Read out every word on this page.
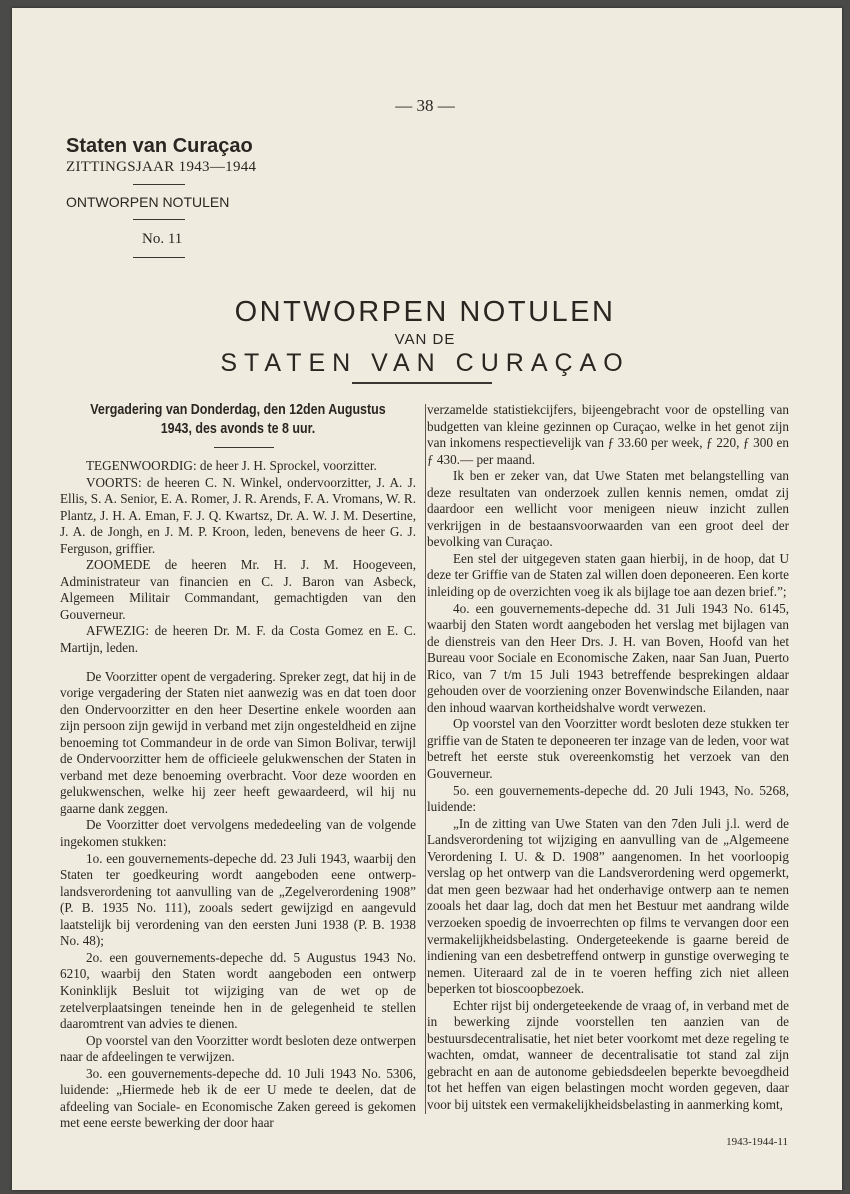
— 38 —
Staten van Curaçao
ZITTINGSJAAR 1943—1944
ONTWORPEN NOTULEN
No. 11
ONTWORPEN NOTULEN
VAN DE
STATEN VAN CURAÇAO
Vergadering van Donderdag, den 12den Augustus 1943, des avonds te 8 uur.

TEGENWOORDIG: de heer J. H. Sprockel, voorzitter.

VOORTS: de heeren C. N. Winkel, ondervoorzitter, J. A. J. Ellis, S. A. Senior, E. A. Romer, J. R. Arends, F. A. Vromans, W. R. Plantz, J. H. A. Eman, F. J. Q. Kwartsz, Dr. A. W. J. M. Desertine, J. A. de Jongh, en J. M. P. Kroon, leden, benevens de heer G. J. Ferguson, griffier.

ZOOMEDE de heeren Mr. H. J. M. Hoogeveen, Administrateur van financien en C. J. Baron van Asbeck, Algemeen Militair Commandant, gemachtigden van den Gouverneur.

AFWEZIG: de heeren Dr. M. F. da Costa Gomez en E. C. Martijn, leden.

De Voorzitter opent de vergadering. Spreker zegt, dat hij in de vorige vergadering der Staten niet aanwezig was en dat toen door den Ondervoorzitter en den heer Desertine enkele woorden aan zijn persoon zijn gewijd in verband met zijn ongesteldheid en zijne benoeming tot Commandeur in de orde van Simon Bolivar, terwijl de Ondervoorzitter hem de officieele gelukwenschen der Staten in verband met deze benoeming overbracht. Voor deze woorden en gelukwenschen, welke hij zeer heeft gewaardeerd, wil hij nu gaarne dank zeggen.

De Voorzitter doet vervolgens mededeeling van de volgende ingekomen stukken:

1o. een gouvernements-depeche dd. 23 Juli 1943, waarbij den Staten ter goedkeuring wordt aangeboden eene ontwerp-landsverordening tot aanvulling van de „Zegelverordening 1908” (P. B. 1935 No. 111), zooals sedert gewijzigd en aangevuld laatstelijk bij verordening van den eersten Juni 1938 (P. B. 1938 No. 48);

2o. een gouvernements-depeche dd. 5 Augustus 1943 No. 6210, waarbij den Staten wordt aangeboden een ontwerp Koninklijk Besluit tot wijziging van de wet op de zetelverplaatsingen teneinde hen in de gelegenheid te stellen daaromtrent van advies te dienen.

Op voorstel van den Voorzitter wordt besloten deze ontwerpen naar de afdeelingen te verwijzen.

3o. een gouvernements-depeche dd. 10 Juli 1943 No. 5306, luidende: „Hiermede heb ik de eer U mede te deelen, dat de afdeeling van Sociale- en Economische Zaken gereed is gekomen met eene eerste bewerking der door haar

verzamelde statistiekcijfers, bijeengebracht voor de opstelling van budgetten van kleine gezinnen op Curaçao, welke in het genot zijn van inkomens respectievelijk van ƒ 33.60 per week, ƒ 220, ƒ 300 en ƒ 430.— per maand.

Ik ben er zeker van, dat Uwe Staten met belangstelling van deze resultaten van onderzoek zullen kennis nemen, omdat zij daardoor een wellicht voor menigeen nieuw inzicht zullen verkrijgen in de bestaansvoorwaarden van een groot deel der bevolking van Curaçao.

Een stel der uitgegeven staten gaan hierbij, in de hoop, dat U deze ter Griffie van de Staten zal willen doen deponeeren. Een korte inleiding op de overzichten voeg ik als bijlage toe aan dezen brief.”;

4o. een gouvernements-depeche dd. 31 Juli 1943 No. 6145, waarbij den Staten wordt aangeboden het verslag met bijlagen van de dienstreis van den Heer Drs. J. H. van Boven, Hoofd van het Bureau voor Sociale en Economische Zaken, naar San Juan, Puerto Rico, van 7 t/m 15 Juli 1943 betreffende besprekingen aldaar gehouden over de voorziening onzer Bovenwindsche Eilanden, naar den inhoud waarvan kortheidshalve wordt verwezen.

Op voorstel van den Voorzitter wordt besloten deze stukken ter griffie van de Staten te deponeeren ter inzage van de leden, voor wat betreft het eerste stuk overeenkomstig het verzoek van den Gouverneur.

5o. een gouvernements-depeche dd. 20 Juli 1943, No. 5268, luidende:

„In de zitting van Uwe Staten van den 7den Juli j.l. werd de Landsverordening tot wijziging en aanvulling van de „Algemeene Verordening I. U. & D. 1908” aangenomen. In het voorloopig verslag op het ontwerp van die Landsverordening werd opgemerkt, dat men geen bezwaar had het onderhavige ontwerp aan te nemen zooals het daar lag, doch dat men het Bestuur met aandrang wilde verzoeken spoedig de invoerrechten op films te vervangen door een vermakelijkheidsbelasting. Ondergeteekende is gaarne bereid de indiening van een desbetreffend ontwerp in gunstige overweging te nemen. Uiteraard zal de in te voeren heffing zich niet alleen beperken tot bioscoopbezoek.

Echter rijst bij ondergeteekende de vraag of, in verband met de in bewerking zijnde voorstellen ten aanzien van de bestuursdecentralisatie, het niet beter voorkomt met deze regeling te wachten, omdat, wanneer de decentralisatie tot stand zal zijn gebracht en aan de autonome gebiedsdeelen beperkte bevoegdheid tot het heffen van eigen belastingen mocht worden gegeven, daar voor bij uitstek een vermakelijkheidsbelasting in aanmerking komt,

1943-1944-11
